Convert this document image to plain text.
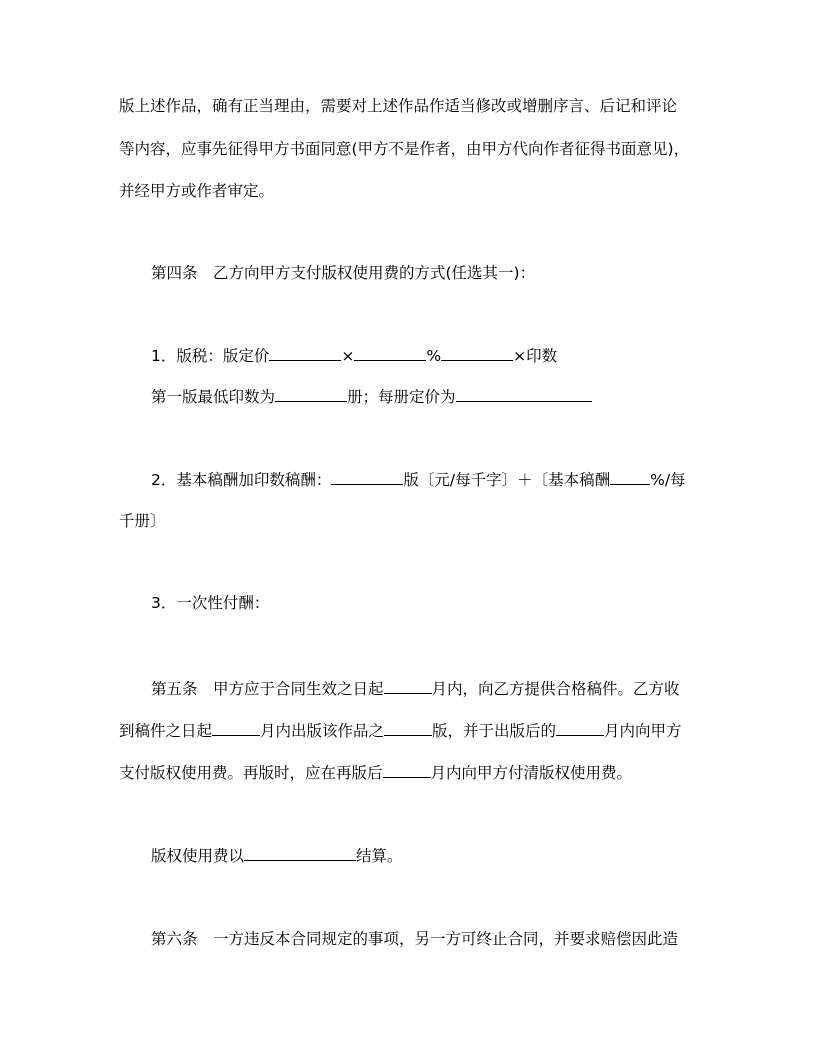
版上述作品，确有正当理由，需要对上述作品作适当修改或增删序言、后记和评论
等内容，应事先征得甲方书面同意(甲方不是作者，由甲方代向作者征得书面意见)，
并经甲方或作者审定。
第四条　乙方向甲方支付版权使用费的方式(任选其一)：
1．版税：版定价	×	%	×印数
第一版最低印数为	册；每册定价为
2．基本稿酬加印数稿酬：	版〔元/每千字〕＋〔基本稿酬	%/每
千册〕
3．一次性付酬：
第五条　甲方应于合同生效之日起	月内，向乙方提供合格稿件。乙方收
到稿件之日起	月内出版该作品之	版，并于出版后的	月内向甲方
支付版权使用费。再版时，应在再版后	月内向甲方付清版权使用费。
版权使用费以	结算。
第六条　一方违反本合同规定的事项，另一方可终止合同，并要求赔偿因此造
